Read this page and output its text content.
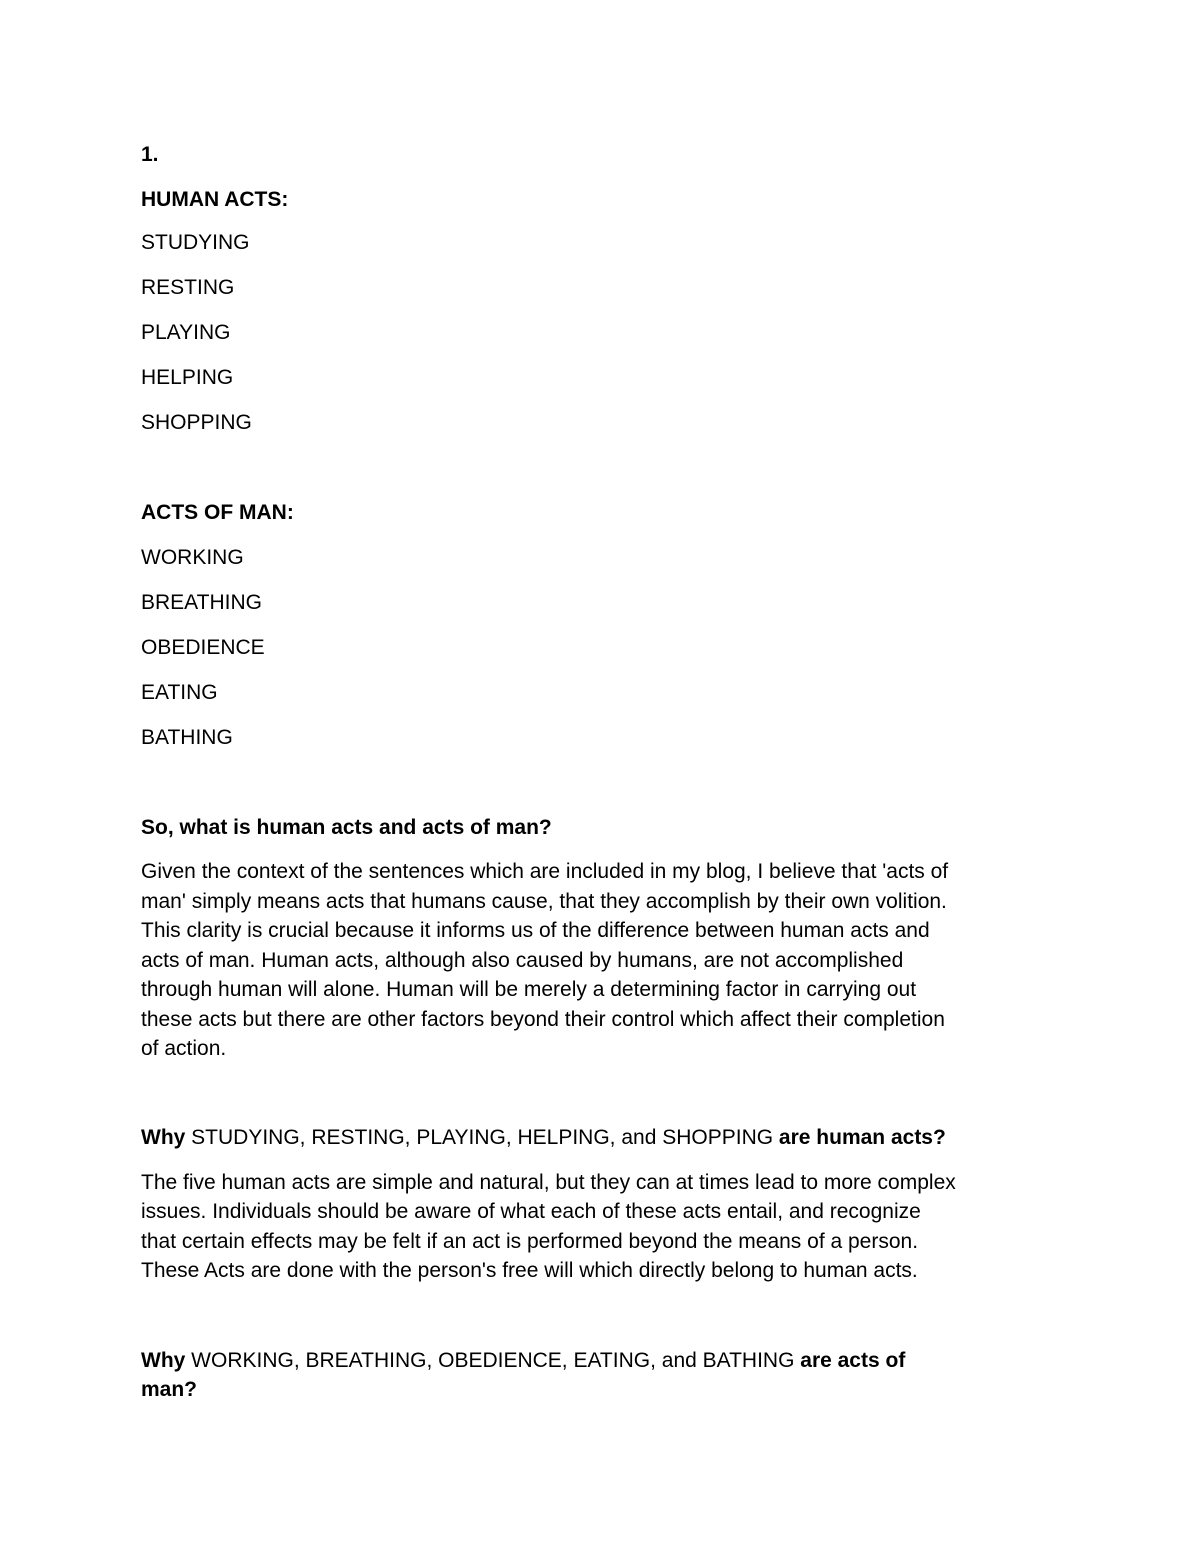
1.

HUMAN ACTS:

STUDYING
RESTING
PLAYING
HELPING
SHOPPING

ACTS OF MAN:

WORKING
BREATHING
OBEDIENCE
EATING
BATHING

So, what is human acts and acts of man?

Given the context of the sentences which are included in my blog, I believe that 'acts of
man' simply means acts that humans cause, that they accomplish by their own volition.
This clarity is crucial because it informs us of the difference between human acts and
acts of man. Human acts, although also caused by humans, are not accomplished
through human will alone. Human will be merely a determining factor in carrying out
these acts but there are other factors beyond their control which affect their completion
of action.

Why STUDYING, RESTING, PLAYING, HELPING, and SHOPPING are human acts?

The five human acts are simple and natural, but they can at times lead to more complex
issues. Individuals should be aware of what each of these acts entail, and recognize
that certain effects may be felt if an act is performed beyond the means of a person.
These Acts are done with the person's free will which directly belong to human acts.

Why WORKING, BREATHING, OBEDIENCE, EATING, and BATHING are acts of
man?
